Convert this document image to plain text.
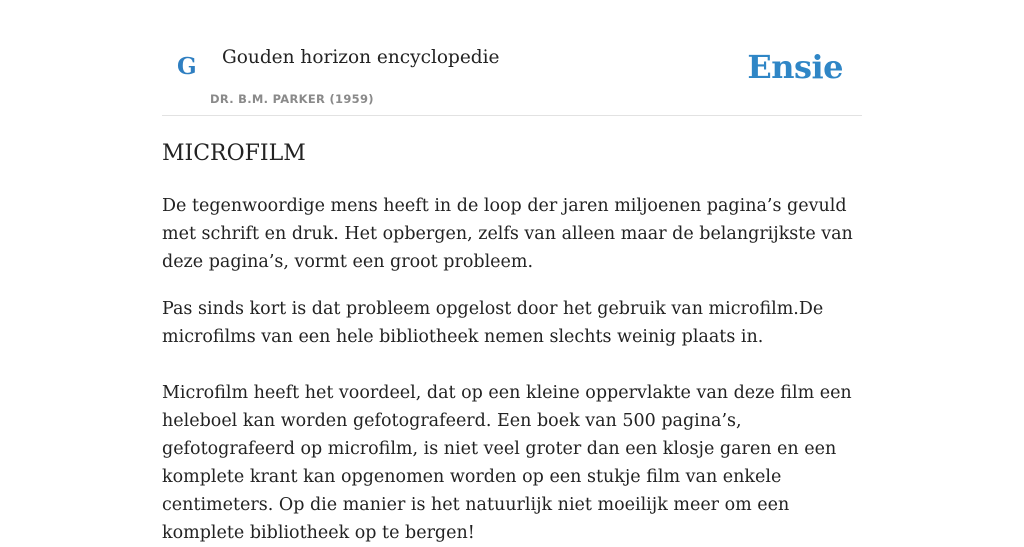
G Gouden horizon encyclopedie
DR. B.M. PARKER (1959)
Ensie
MICROFILM

De tegenwoordige mens heeft in de loop der jaren miljoenen pagina’s gevuld met schrift en druk. Het opbergen, zelfs van alleen maar de belangrijkste van deze pagina’s, vormt een groot probleem.

Pas sinds kort is dat probleem opgelost door het gebruik van microfilm.De microfilms van een hele bibliotheek nemen slechts weinig plaats in.

Microfilm heeft het voordeel, dat op een kleine oppervlakte van deze film een heleboel kan worden gefotografeerd. Een boek van 500 pagina’s, gefotografeerd op microfilm, is niet veel groter dan een klosje garen en een komplete krant kan opgenomen worden op een stukje film van enkele centimeters. Op die manier is het natuurlijk niet moeilijk meer om een komplete bibliotheek op te bergen!
